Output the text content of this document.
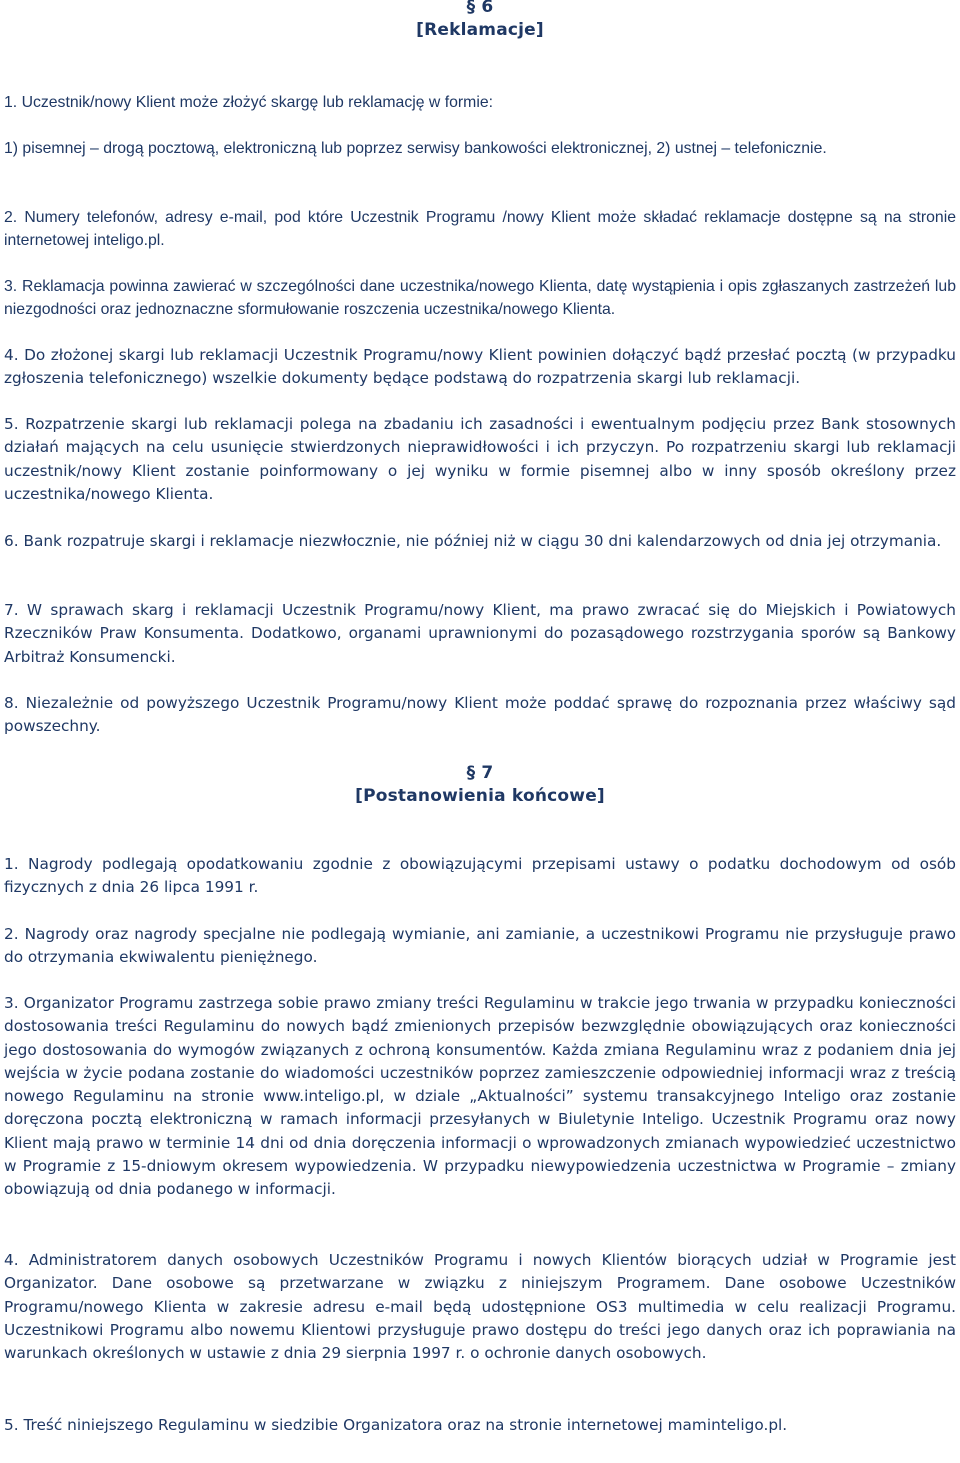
§ 6
[Reklamacje]

1. Uczestnik/nowy Klient może złożyć skargę lub reklamację w formie:

1) pisemnej – drogą pocztową, elektroniczną lub poprzez serwisy bankowości elektronicznej, 2) ustnej – telefonicznie.

2. Numery telefonów, adresy e-mail, pod które Uczestnik Programu /nowy Klient może składać reklamacje dostępne są na stronie internetowej inteligo.pl.

3. Reklamacja powinna zawierać w szczególności dane uczestnika/nowego Klienta, datę wystąpienia i opis zgłaszanych zastrzeżeń lub niezgodności oraz jednoznaczne sformułowanie roszczenia uczestnika/nowego Klienta.

4. Do złożonej skargi lub reklamacji Uczestnik Programu/nowy Klient powinien dołączyć bądź przesłać pocztą (w przypadku zgłoszenia telefonicznego) wszelkie dokumenty będące podstawą do rozpatrzenia skargi lub reklamacji.

5. Rozpatrzenie skargi lub reklamacji polega na zbadaniu ich zasadności i ewentualnym podjęciu przez Bank stosownych działań mających na celu usunięcie stwierdzonych nieprawidłowości i ich przyczyn. Po rozpatrzeniu skargi lub reklamacji uczestnik/nowy Klient zostanie poinformowany o jej wyniku w formie pisemnej albo w inny sposób określony przez uczestnika/nowego Klienta.

6. Bank rozpatruje skargi i reklamacje niezwłocznie, nie później niż w ciągu 30 dni kalendarzowych od dnia jej otrzymania.

7. W sprawach skarg i reklamacji Uczestnik Programu/nowy Klient, ma prawo zwracać się do Miejskich i Powiatowych Rzeczników Praw Konsumenta. Dodatkowo, organami uprawnionymi do pozasądowego rozstrzygania sporów są Bankowy Arbitraż Konsumencki.

8. Niezależnie od powyższego Uczestnik Programu/nowy Klient może poddać sprawę do rozpoznania przez właściwy sąd powszechny.

§ 7
[Postanowienia końcowe]

1. Nagrody podlegają opodatkowaniu zgodnie z obowiązującymi przepisami ustawy o podatku dochodowym od osób fizycznych z dnia 26 lipca 1991 r.

2. Nagrody oraz nagrody specjalne nie podlegają wymianie, ani zamianie, a uczestnikowi Programu nie przysługuje prawo do otrzymania ekwiwalentu pieniężnego.

3. Organizator Programu zastrzega sobie prawo zmiany treści Regulaminu w trakcie jego trwania w przypadku konieczności dostosowania treści Regulaminu do nowych bądź zmienionych przepisów bezwzględnie obowiązujących oraz konieczności jego dostosowania do wymogów związanych z ochroną konsumentów. Każda zmiana Regulaminu wraz z podaniem dnia jej wejścia w życie podana zostanie do wiadomości uczestników poprzez zamieszczenie odpowiedniej informacji wraz z treścią nowego Regulaminu na stronie www.inteligo.pl, w dziale „Aktualności” systemu transakcyjnego Inteligo oraz zostanie doręczona pocztą elektroniczną w ramach informacji przesyłanych w Biuletynie Inteligo. Uczestnik Programu oraz nowy Klient mają prawo w terminie 14 dni od dnia doręczenia informacji o wprowadzonych zmianach wypowiedzieć uczestnictwo w Programie z 15-dniowym okresem wypowiedzenia. W przypadku niewypowiedzenia uczestnictwa w Programie – zmiany obowiązują od dnia podanego w informacji.

4. Administratorem danych osobowych Uczestników Programu i nowych Klientów biorących udział w Programie jest Organizator. Dane osobowe są przetwarzane w związku z niniejszym Programem. Dane osobowe Uczestników Programu/nowego Klienta w zakresie adresu e-mail będą udostępnione OS3 multimedia w celu realizacji Programu. Uczestnikowi Programu albo nowemu Klientowi przysługuje prawo dostępu do treści jego danych oraz ich poprawiania na warunkach określonych w ustawie z dnia 29 sierpnia 1997 r. o ochronie danych osobowych.

5. Treść niniejszego Regulaminu w siedzibie Organizatora oraz na stronie internetowej maminteligo.pl.
